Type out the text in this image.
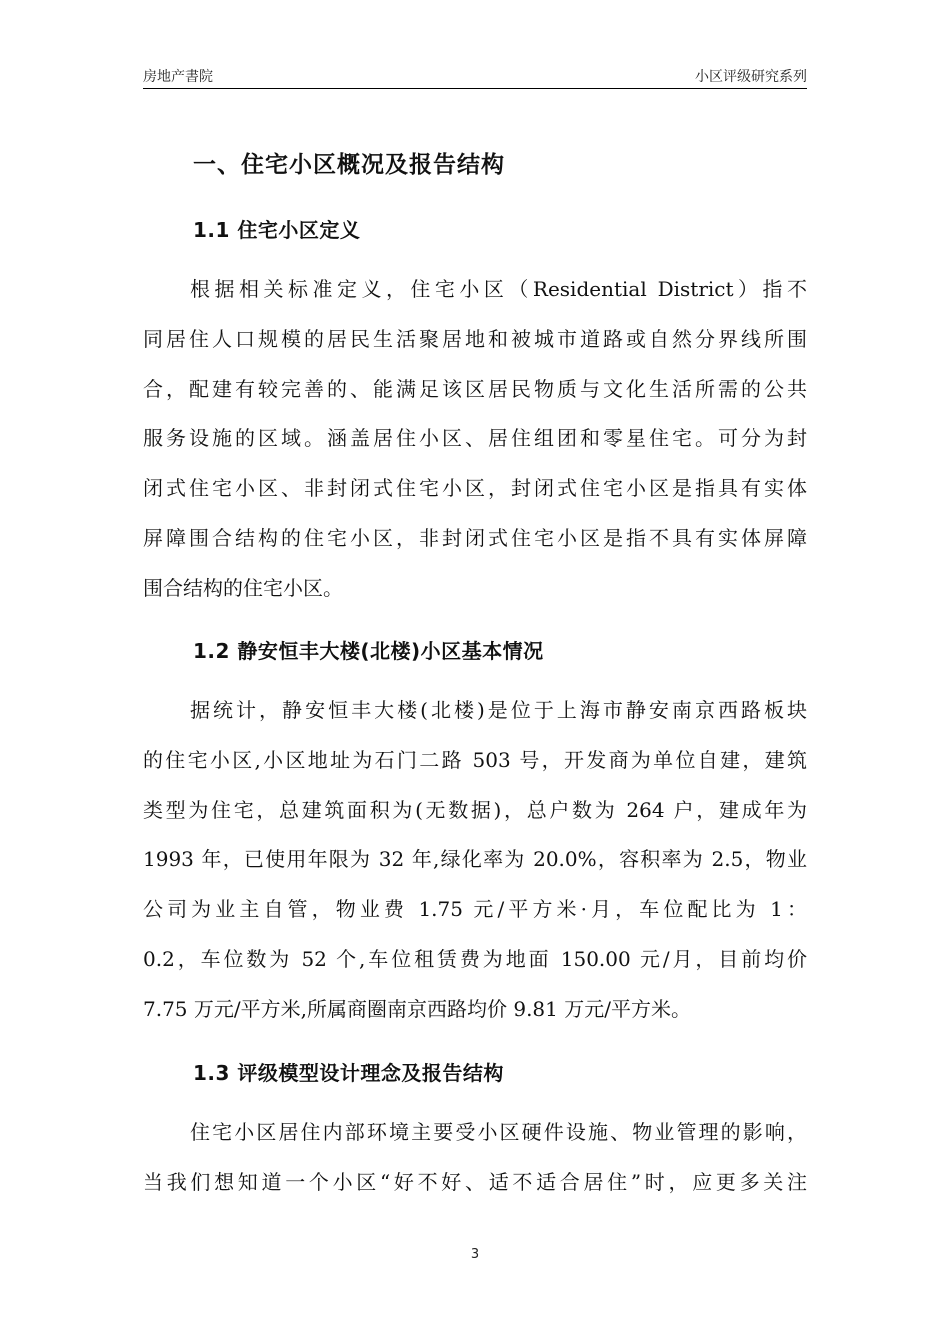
房地产書院	小区评级研究系列
一、住宅小区概况及报告结构
1.1 住宅小区定义
根据相关标准定义，住宅小区（Residential District）指不
同居住人口规模的居民生活聚居地和被城市道路或自然分界线所围
合，配建有较完善的、能满足该区居民物质与文化生活所需的公共
服务设施的区域。涵盖居住小区、居住组团和零星住宅。可分为封
闭式住宅小区、非封闭式住宅小区，封闭式住宅小区是指具有实体
屏障围合结构的住宅小区，非封闭式住宅小区是指不具有实体屏障
围合结构的住宅小区。
1.2 静安恒丰大楼(北楼)小区基本情况
据统计，静安恒丰大楼(北楼)是位于上海市静安南京西路板块
的住宅小区,小区地址为石门二路 503 号，开发商为单位自建，建筑
类型为住宅，总建筑面积为(无数据)，总户数为 264 户，建成年为
1993 年，已使用年限为 32 年,绿化率为 20.0%，容积率为 2.5，物业
公司为业主自管，物业费 1.75 元/平方米·月，车位配比为 1：
0.2，车位数为 52 个,车位租赁费为地面 150.00 元/月，目前均价
7.75 万元/平方米,所属商圈南京西路均价 9.81 万元/平方米。
1.3 评级模型设计理念及报告结构
住宅小区居住内部环境主要受小区硬件设施、物业管理的影响，
当我们想知道一个小区“好不好、适不适合居住”时，应更多关注
3
